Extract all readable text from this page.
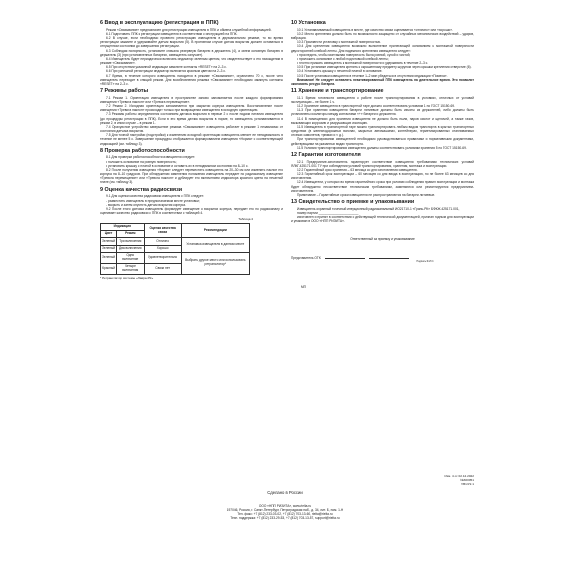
6 Ввод в эксплуатацию (регистрация в ППК)

Режим «Связывание» предназначен для регистрации извещателя в ППК и обмена служебной информацией.

6.1 Подготовить ППК к регистрации извещателя в соответствии с инструкцией на ППК.

6.2 В случае, если необходимо провести регистрацию извещателя в двухканальном режиме, то во время регистрации зажмите и удерживайте датчик вскрытия (5). В противном случае датчик вскрытия должен оставаться в отпущенном состоянии до завершения регистрации.

6.3 Соблюдая полярность, установите сначала резервную батарею в держатель (4), а затем основную батарею в держатель (3) (при установленных батареях, извещатель излучает).

6.4 Извещатель будет периодически включать индикатор зеленым цветом, что свидетельствует о его нахождении в режиме «Связывание».

6.5 При отсутствии указанной индикации замкните контакты «RESET» на 2–3 с.

6.6 При успешной регистрации индикатор включится красным цветом на 2–3 с.

6.7 Время, в течение которого извещатель находится в режиме «Связывание», ограничено 70 с, после чего извещатель переходит в спящий режим. Для возобновления режима «Связывание» необходимо замкнуть контакты «RESET» на 2–3 с.

7 Режимы работы

7.1 Режим 1. Ориентация извещателя в пространстве заново запоминается после каждого формирования извещения «Тревога наклон» или «Тревога перемещение».

7.2 Режим 2. Исходная ориентация запоминается при закрытии корпуса извещателя. Восстановление после извещения «Тревога наклон» происходит только при возвращении извещателя в исходную ориентацию.

7.3 Режимы работы определяются состоянием датчика вскрытия в первые 2 с после подачи питания извещателя (до процедуры регистрации в ППК). Если в это время датчик вскрытия в норме, то извещатель устанавливается в режим 2, в ином случае – в режим 1.

7.4 Орахуисное устройство завершение режима «Связывание» извещатель работает в режиме 1 независимо от состояния датчика вскрытия.

7.5 Для точной настройки (подстройки) к изменению исходной ориентации извещатель меняет ее неподвижность в течение не менее 5 с. Завершение процедуры отображается формированием извещения «Норма» с соответствующей индикацией (см. таблицу 3).

8 Проверка работоспособности

8.1 Для проверки работоспособности извещателя следует:

• положить основание на ровную поверхность;

• установить крышку с платой в основание и оставить их в неподвижном состоянии на 8–10 с.

8.2 После получения извещения «Норма» следует переместить извещатель на 20–30 см или изменить наклон его корпуса на 8–10 градусов. При обнаружении изменения положения извещатель передает по радиоканалу извещение «Тревога перемещение» или «Тревога наклон» и дублирует его включением индикатора красного цвета на печатной плате (см. таблицу 3).

9 Оценка качества радиосвязи

9.1 Для оценки качества радиосвязи извещателя с ППК следует:

- разместить извещатель в предполагаемом месте установки;

- вскрыть и затем опустить датчик вскрытия корпуса.

9.2 После этого датчика извещатель формирует извещение о вскрытии корпуса, передает его по радиоканалу и оценивает качество радиосвязи с ППК в соответствии с таблицей 4.

Таблица 4
Индикация		Оценка качества связи	Рекомендации
Цвет	Режим		
Зеленый	Три включения	Отлично	Установка извещателя в данном месте
Зеленый	Два включения	Хорошо	
Зеленый	Одно включение	Удовлетворительно	Выбрать другое место или использовать ретранслятор*
Красный	Четыре включения	Связи нет	
* Ретранслятор системы «Лавра-РК»
10 Установка

10.1 Устанавливаемый извещатель в месте, где качество связи оценивается «отлично» или «хорошо».

10.2 Место крепления должно быть по возможности защищено от случайных механических воздействий – ударов, вибрации.

10.3 Произвести установку с монтажной поверхностью.

10.4 Для крепления извещателя возможно выполнение прилегающей основанием к монтажной поверхности двухсторонней клейкой ленты. Для надежного крепления извещателя следует:

• проследить, чтобы монтажная поверхность была ровной, сухой и чистой;

• приложить основание с любой подготовкой клейкой ленты;

• плотно прижать извещатель к монтажной поверхности и удерживать в течение 2–3 с.

10.5 При установке извещателя крепить к окрашенному предмету шурупом через крышки крепления отверстие (6).

10.4 Установить крышку с печатной платой в основание.

10.5 После установки извещателя в течение 1–2 мин убедиться в отсутствии индикации «Помеха».

Внимание! Не следует оставлять неактивированный ППК извещатель на длительное время. Это позволит экономить ресурс батареи.

11 Хранение и транспортирование

11.1 Время готовности извещателя к работе после транспортирования в условиях, отличных от условий эксплуатации – не более 1 ч.

11.2 Хранение извещателя в транспортной таре должно соответствовать условиям 1 по ГОСТ 15150-69.

11.3 При хранении извещателя батареи литиевые должны быть изъяты из держателей, либо должны быть установлены изоляторы между контактами «+» батареи и держателя.

11.4 В помещениях для хранения извещателя не должно быть пыли, паров кислот и щелочей, а также газов, вызывающих коррозию и разрушающих изоляцию.

11.5 Извещатель в транспортной таре можно транспортировать любым видом транспорта в крытых транспортных средствах (в железнодорожных вагонах, закрытых автомашинах, контейнерах, герметизированных отапливаемых отсеках самолетов, трюмах и т. д.).

При транспортировании извещателей необходимо руководствоваться правилами и нормативными документами, действующими на указанных видах транспорта.

11.5 Условия транспортирования извещателя должны соответствовать условиям хранения 5 по ГОСТ 15150-69.

12 Гарантии изготовителя

12.1 Предприятие-изготовитель гарантирует соответствие извещателя требованиям технических условий ЯЛКГ.425171.001 ТУ при соблюдении условий транспортирования, хранения, монтажа и эксплуатации.

12.2 Гарантийный срок хранения – 63 месяца со дня изготовления извещателя.

12.3 Гарантийный срок эксплуатации – 60 месяцев со дня ввода в эксплуатацию, но не более 63 месяцев со дня изготовления.

12.4 Извещатели, у которых во время гарантийного срока при условии соблюдения правил эксплуатации и монтажа будет обнаружено несоответствие техническим требованиям, заменяются или ремонтируются предприятием-изготовителем.

Примечание – Гарантийные сроки извещателя не распространяются на батареи литиевые.

13 Свидетельство о приемке и упаковывании

Извещатель охранный точечный инерционный радиоканальный ИО21710-1 «Грань-РК» БФКЖ.425171.001,

номер партии ______________________

изготовлен и принят в соответствии с действующей технической документацией, признан годным для эксплуатации и упакован в ООО «НПП РИЗИТА».

Ответственный за приемку и упаковывание
Представитель ОТК
Подпись Ф.И.О.
МП
Изм. 4 от 02.12.2022
№300051
УВ1/У2.1
Сделано в России
ООО «НПП РИЗИТА», www.rielta.ru
197046, Россия, г. Санкт-Петербург, Петроградская наб., д. 34, лит. Б, пом. 1-Н
Тел. факс: +7 (812) 233-03-02, +7 (812) 703-13-60, rielta@rielta.ru
Техн. поддержка: +7 (812) 233-29-53, +7 (812) 703-13-57, support@rielta.ru
